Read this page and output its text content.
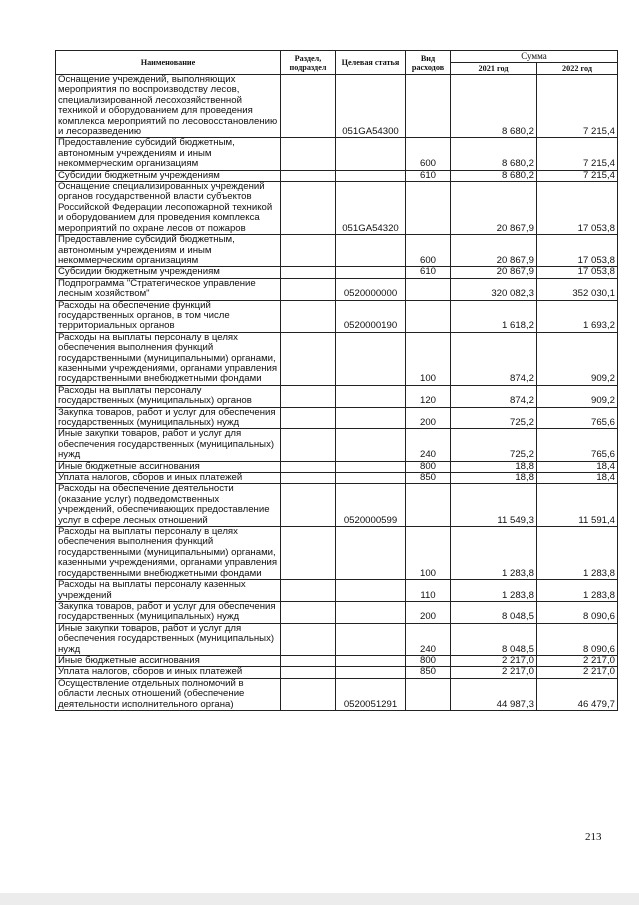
Наименование	Раздел, подраздел	Целевая статья	Вид расходов	Сумма	
				2021 год	2022 год
Оснащение учреждений, выполняющих мероприятия по воспроизводству лесов, специализированной лесохозяйственной техникой и оборудованием для проведения комплекса мероприятий по лесовосстановлению и лесоразведению		051GA54300		8 680,2	7 215,4
Предоставление субсидий бюджетным, автономным учреждениям и иным некоммерческим организациям			600	8 680,2	7 215,4
Субсидии бюджетным учреждениям			610	8 680,2	7 215,4
Оснащение специализированных учреждений органов государственной власти субъектов Российской Федерации лесопожарной техникой и оборудованием для проведения комплекса мероприятий по охране лесов от пожаров		051GA54320		20 867,9	17 053,8
Предоставление субсидий бюджетным, автономным учреждениям и иным некоммерческим организациям			600	20 867,9	17 053,8
Субсидии бюджетным учреждениям			610	20 867,9	17 053,8
Подпрограмма "Стратегическое управление лесным хозяйством"		0520000000		320 082,3	352 030,1
Расходы на обеспечение функций государственных органов, в том числе территориальных органов		0520000190		1 618,2	1 693,2
Расходы на выплаты персоналу в целях обеспечения выполнения функций государственными (муниципальными) органами, казенными учреждениями, органами управления государственными внебюджетными фондами			100	874,2	909,2
Расходы на выплаты персоналу государственных (муниципальных) органов			120	874,2	909,2
Закупка товаров, работ и услуг для обеспечения государственных (муниципальных) нужд			200	725,2	765,6
Иные закупки товаров, работ и услуг для обеспечения государственных (муниципальных) нужд			240	725,2	765,6
Иные бюджетные ассигнования			800	18,8	18,4
Уплата налогов, сборов и иных платежей			850	18,8	18,4
Расходы на обеспечение деятельности (оказание услуг) подведомственных учреждений, обеспечивающих предоставление услуг в сфере лесных отношений		0520000599		11 549,3	11 591,4
Расходы на выплаты персоналу в целях обеспечения выполнения функций государственными (муниципальными) органами, казенными учреждениями, органами управления государственными внебюджетными фондами			100	1 283,8	1 283,8
Расходы на выплаты персоналу казенных учреждений			110	1 283,8	1 283,8
Закупка товаров, работ и услуг для обеспечения государственных (муниципальных) нужд			200	8 048,5	8 090,6
Иные закупки товаров, работ и услуг для обеспечения государственных (муниципальных) нужд			240	8 048,5	8 090,6
Иные бюджетные ассигнования			800	2 217,0	2 217,0
Уплата налогов, сборов и иных платежей			850	2 217,0	2 217,0
Осуществление отдельных полномочий в области лесных отношений (обеспечение деятельности исполнительного органа)		0520051291		44 987,3	46 479,7
213
